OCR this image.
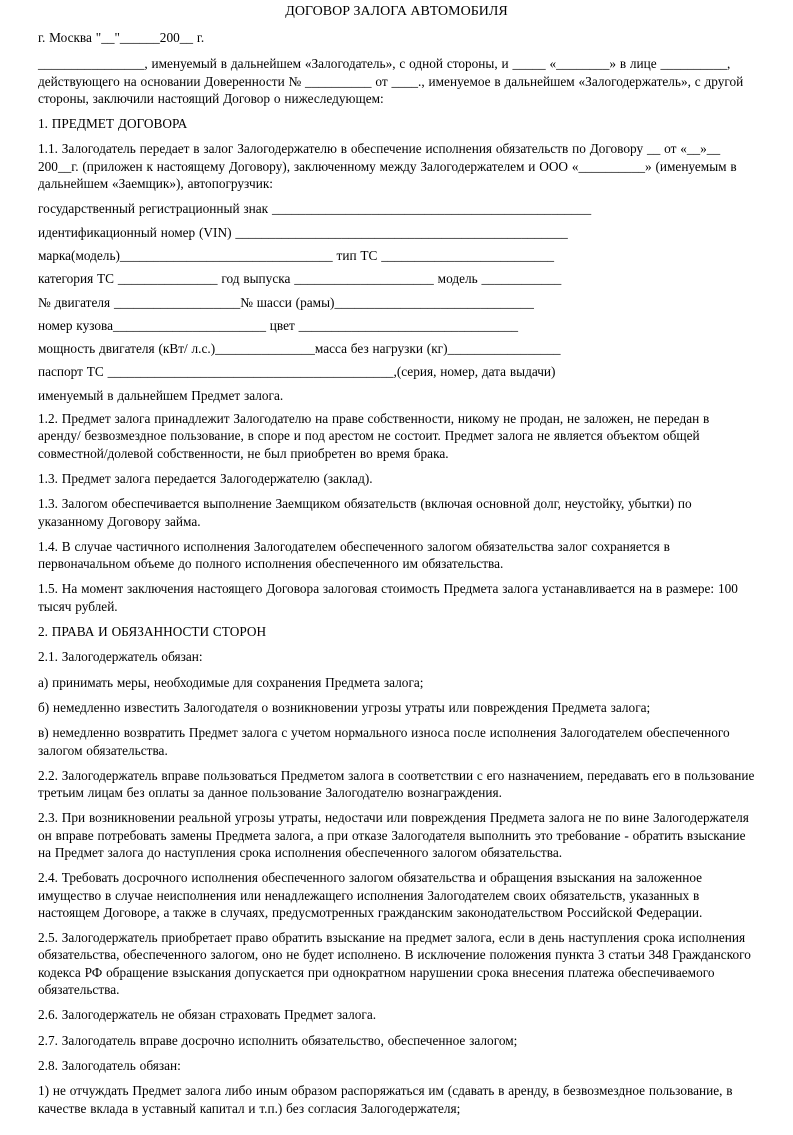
ДОГОВОР ЗАЛОГА АВТОМОБИЛЯ

г. Москва "__"______200__ г.

________________, именуемый в дальнейшем «Залогодатель», с одной стороны, и _____ «________» в лице __________, действующего на основании Доверенности № __________ от ____., именуемое в дальнейшем «Залогодержатель», с другой стороны, заключили настоящий Договор о нижеследующем:

1. ПРЕДМЕТ ДОГОВОРА

1.1. Залогодатель передает в залог Залогодержателю в обеспечение исполнения обязательств по Договору __ от «__»__ 200__г. (приложен к настоящему Договору), заключенному между Залогодержателем и ООО «__________» (именуемым в дальнейшем «Заемщик»), автопогрузчик:

государственный регистрационный знак ________________________________________________

идентификационный номер (VIN) __________________________________________________

марка(модель)________________________________ тип ТС __________________________

категория ТС _______________ год выпуска _____________________ модель ____________

№ двигателя ___________________№ шасси (рамы)______________________________

номер кузова_______________________ цвет _________________________________

мощность двигателя (кВт/ л.с.)_______________масса без нагрузки (кг)_________________

паспорт ТС ___________________________________________,(серия, номер, дата выдачи)

именуемый в дальнейшем Предмет залога.

1.2. Предмет залога принадлежит Залогодателю на праве собственности, никому не продан, не заложен, не передан в аренду/ безвозмездное пользование, в споре и под арестом не состоит. Предмет залога не является объектом общей совместной/долевой собственности, не был приобретен во время брака.

1.3. Предмет залога передается Залогодержателю (заклад).

1.3. Залогом обеспечивается выполнение Заемщиком обязательств (включая основной долг, неустойку, убытки) по указанному Договору займа.

1.4. В случае частичного исполнения Залогодателем обеспеченного залогом обязательства залог сохраняется в первоначальном объеме до полного исполнения обеспеченного им обязательства.

1.5. На момент заключения настоящего Договора залоговая стоимость Предмета залога устанавливается на в размере: 100 тысяч рублей.

2. ПРАВА И ОБЯЗАННОСТИ СТОРОН

2.1. Залогодержатель обязан:

а) принимать меры, необходимые для сохранения Предмета залога;

б) немедленно известить Залогодателя о возникновении угрозы утраты или повреждения Предмета залога;

в) немедленно возвратить Предмет залога с учетом нормального износа после исполнения Залогодателем обеспеченного залогом обязательства.

2.2. Залогодержатель вправе пользоваться Предметом залога в соответствии с его назначением, передавать его в пользование третьим лицам без оплаты за данное пользование Залогодателю вознаграждения.

2.3. При возникновении реальной угрозы утраты, недостачи или повреждения Предмета залога не по вине Залогодержателя он вправе потребовать замены Предмета залога, а при отказе Залогодателя выполнить это требование - обратить взыскание на Предмет залога до наступления срока исполнения обеспеченного залогом обязательства.

2.4. Требовать досрочного исполнения обеспеченного залогом обязательства и обращения взыскания на заложенное имущество в случае неисполнения или ненадлежащего исполнения Залогодателем своих обязательств, указанных в настоящем Договоре, а также в случаях, предусмотренных гражданским законодательством Российской Федерации.

2.5. Залогодержатель приобретает право обратить взыскание на предмет залога, если в день наступления срока исполнения обязательства, обеспеченного залогом, оно не будет исполнено. В исключение положения пункта 3 статьи 348 Гражданского кодекса РФ обращение взыскания допускается при однократном нарушении срока внесения платежа обеспечиваемого обязательства.

2.6. Залогодержатель не обязан страховать Предмет залога.

2.7. Залогодатель вправе досрочно исполнить обязательство, обеспеченное залогом;

2.8. Залогодатель обязан:

1) не отчуждать Предмет залога либо иным образом распоряжаться им (сдавать в аренду, в безвозмездное пользование, в качестве вклада в уставный капитал и т.п.) без согласия Залогодержателя;
